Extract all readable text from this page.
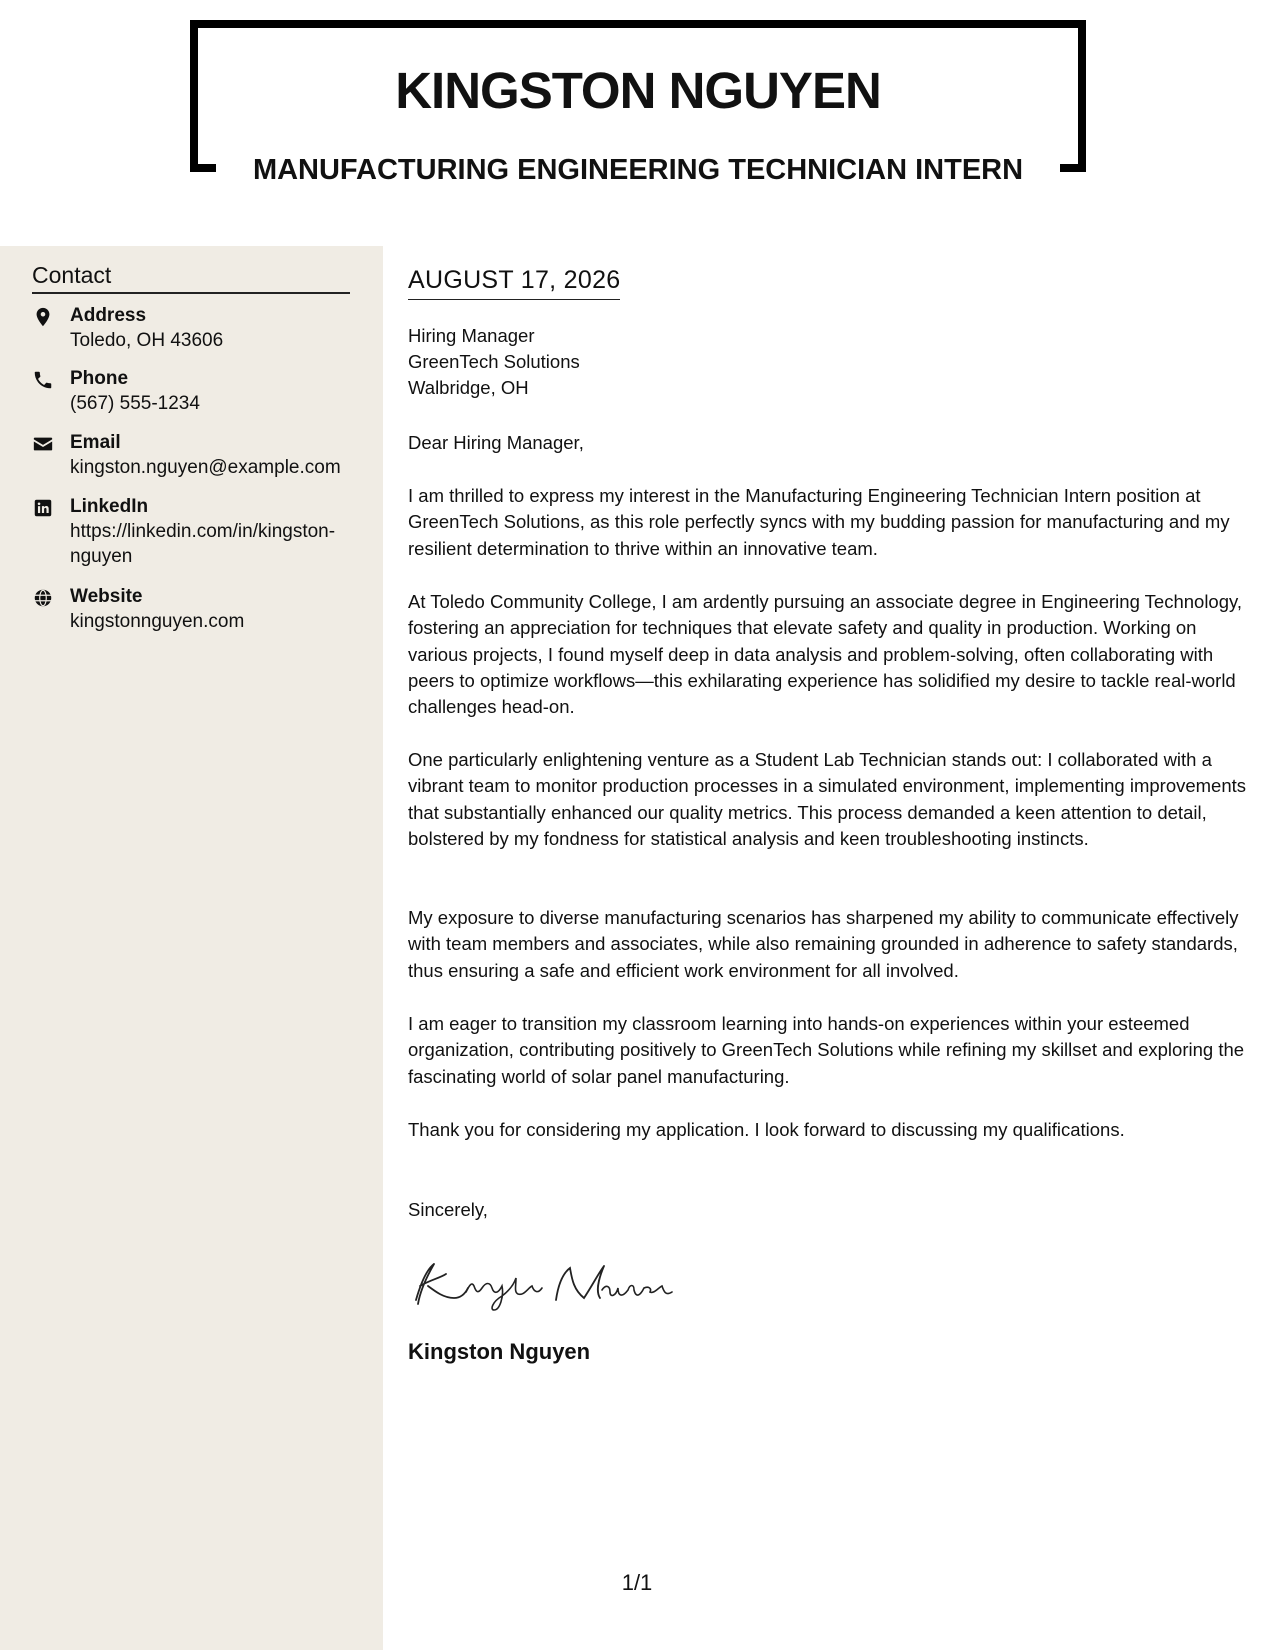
KINGSTON NGUYEN
MANUFACTURING ENGINEERING TECHNICIAN INTERN
Contact
Address
Toledo, OH 43606
Phone
(567) 555-1234
Email
kingston.nguyen@example.com
LinkedIn
https://linkedin.com/in/kingston-nguyen
Website
kingstonnguyen.com
AUGUST 17, 2026
Hiring Manager
GreenTech Solutions
Walbridge, OH

Dear Hiring Manager,

I am thrilled to express my interest in the Manufacturing Engineering Technician Intern position at GreenTech Solutions, as this role perfectly syncs with my budding passion for manufacturing and my resilient determination to thrive within an innovative team.

At Toledo Community College, I am ardently pursuing an associate degree in Engineering Technology, fostering an appreciation for techniques that elevate safety and quality in production. Working on various projects, I found myself deep in data analysis and problem-solving, often collaborating with peers to optimize workflows—this exhilarating experience has solidified my desire to tackle real-world challenges head-on.

One particularly enlightening venture as a Student Lab Technician stands out: I collaborated with a vibrant team to monitor production processes in a simulated environment, implementing improvements that substantially enhanced our quality metrics. This process demanded a keen attention to detail, bolstered by my fondness for statistical analysis and keen troubleshooting instincts.

My exposure to diverse manufacturing scenarios has sharpened my ability to communicate effectively with team members and associates, while also remaining grounded in adherence to safety standards, thus ensuring a safe and efficient work environment for all involved.

I am eager to transition my classroom learning into hands-on experiences within your esteemed organization, contributing positively to GreenTech Solutions while refining my skillset and exploring the fascinating world of solar panel manufacturing.

Thank you for considering my application. I look forward to discussing my qualifications.

Sincerely,

Kingston Nguyen
1/1
